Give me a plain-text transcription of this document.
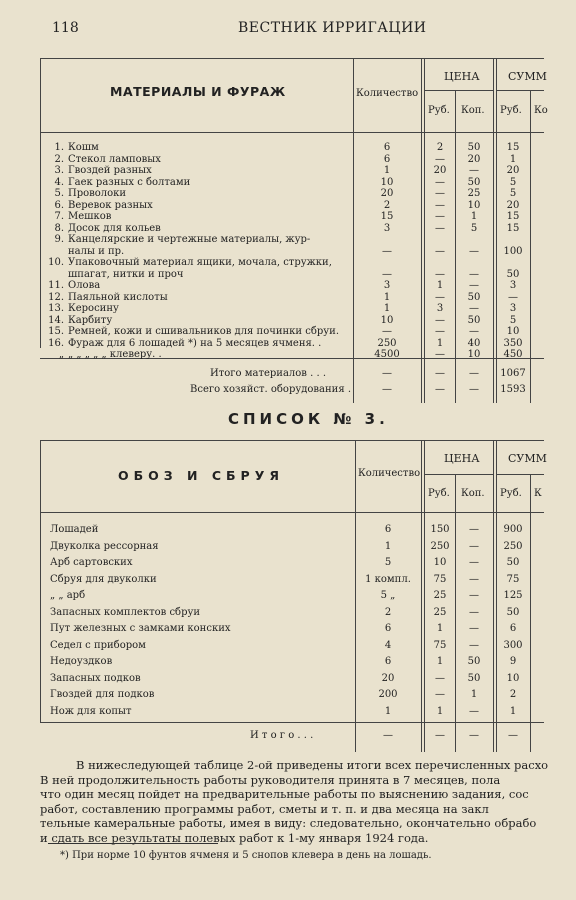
118	ВЕСТНИК ИРРИГАЦИИ
МАТЕРИАЛЫ И ФУРАЖ	Количество
ЦЕНА	СУММ
Руб. Коп. Руб. Ко
1. Кошм	6	2	50	15
2. Стекол ламповых	6	—	20	1
3. Гвоздей разных	1	20	—	20
4. Гаек разных с болтами	10	—	50	5
5. Проволоки	20	—	25	5
6. Веревок разных	2	—	10	20
7. Мешков	15	—	1	15
8. Досок для кольев	3	—	5	15
9. Канцелярские и чертежные материалы, жур-
налы и пр.	—	—	—	100
10. Упаковочный материал ящики, мочала, стружки,
шпагат, нитки и проч	—	—	—	50
11. Олова	3	1	—	3
12. Паяльной кислоты	1	—	50	—
13. Керосину	1	3	—	3
14. Карбиту	10	—	50	5
15. Ремней, кожи и сшивальников для починки сбруи.	—	—	—	10
16. Фураж для 6 лошадей *) на 5 месяцев ячменя. .	250	1	40	350
„ „ „ „ „ „ клеверу. .	4500	—	10	450
Итого материалов . . .	—	—	—	1067
Всего хозяйст. оборудования .	—	—	—	1593
СПИСОК № 3.
ОБОЗ И СБРУЯ	Количество
ЦЕНА	СУММ
Руб. Коп. Руб. К
Лошадей	6	150	—	900
Двуколка рессорная	1	250	—	250
Арб сартовских	5	10	—	50
Сбруя для двуколки	1 компл.	75	—	75
„ „ арб	5 „	25	—	125
Запасных комплектов сбруи	2	25	—	50
Пут железных с замками конских	6	1	—	6
Седел с прибором	4	75	—	300
Недоуздков	6	1	50	9
Запасных подков	20	—	50	10
Гвоздей для подков	200	—	1	2
Нож для копыт	1	1	—	1
И т о г о . . .	—	—	—	—
В нижеследующей таблице 2-ой приведены итоги всех перечисленных расхо
В ней продолжительность работы руководителя принята в 7 месяцев, пола
что один месяц пойдет на предварительные работы по выяснению задания, сос
работ, составлению программы работ, сметы и т. п. и два месяца на закл
тельные камеральные работы, имея в виду: следовательно, окончательно обрабо
и сдать все результаты полевых работ к 1-му января 1924 года.
*) При норме 10 фунтов ячменя и 5 снопов клевера в день на лошадь.
